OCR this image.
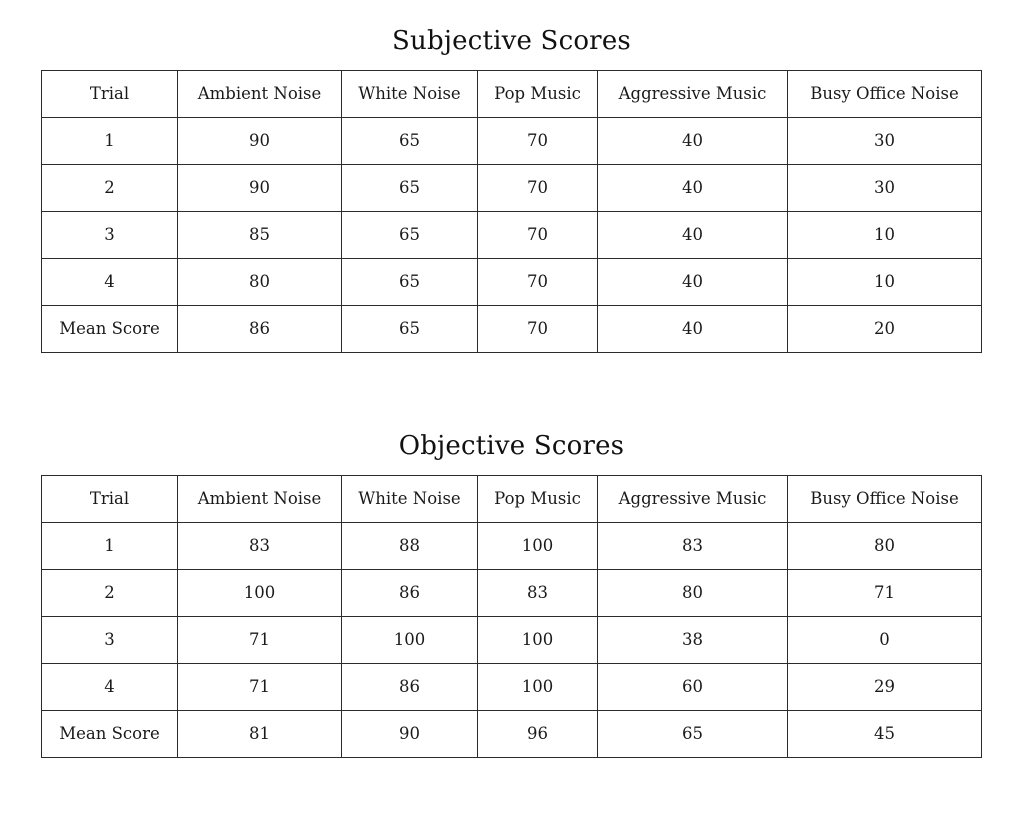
Subjective Scores
Trial	Ambient Noise	White Noise	Pop Music	Aggressive Music	Busy Office Noise
1	90	65	70	40	30
2	90	65	70	40	30
3	85	65	70	40	10
4	80	65	70	40	10
Mean Score	86	65	70	40	20
Objective Scores
Trial	Ambient Noise	White Noise	Pop Music	Aggressive Music	Busy Office Noise
1	83	88	100	83	80
2	100	86	83	80	71
3	71	100	100	38	0
4	71	86	100	60	29
Mean Score	81	90	96	65	45
